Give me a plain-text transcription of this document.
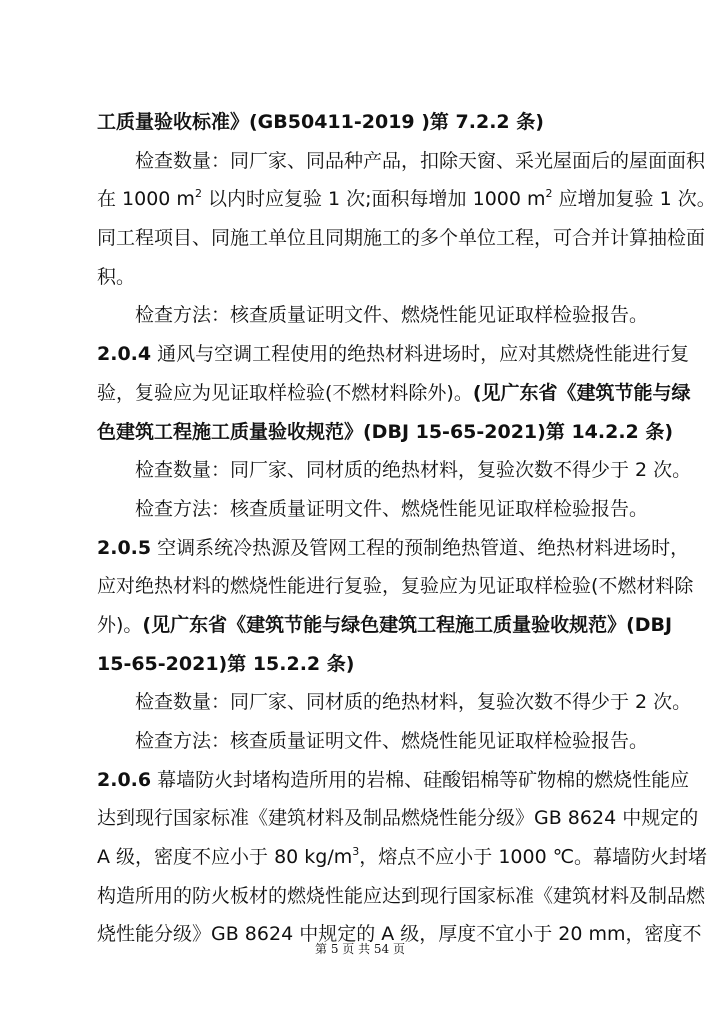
工质量验收标准》(GB50411-2019 )第 7.2.2 条)
检查数量：同厂家、同品种产品，扣除天窗、采光屋面后的屋面面积
在 1000 $m^2$ 以内时应复验 1 次;面积每增加 1000 $m^2$ 应增加复验 1 次。
同工程项目、同施工单位且同期施工的多个单位工程，可合并计算抽检面
积。
检查方法：核查质量证明文件、燃烧性能见证取样检验报告。
2.0.4 通风与空调工程使用的绝热材料进场时，应对其燃烧性能进行复
验，复验应为见证取样检验(不燃材料除外)。(见广东省《建筑节能与绿
色建筑工程施工质量验收规范》(DBJ 15-65-2021)第 14.2.2 条)
检查数量：同厂家、同材质的绝热材料，复验次数不得少于 2 次。
检查方法：核查质量证明文件、燃烧性能见证取样检验报告。
2.0.5 空调系统冷热源及管网工程的预制绝热管道、绝热材料进场时，
应对绝热材料的燃烧性能进行复验，复验应为见证取样检验(不燃材料除
外)。(见广东省《建筑节能与绿色建筑工程施工质量验收规范》(DBJ
15-65-2021)第 15.2.2 条)
检查数量：同厂家、同材质的绝热材料，复验次数不得少于 2 次。
检查方法：核查质量证明文件、燃烧性能见证取样检验报告。
2.0.6 幕墙防火封堵构造所用的岩棉、硅酸铝棉等矿物棉的燃烧性能应
达到现行国家标准《建筑材料及制品燃烧性能分级》GB 8624 中规定的
A 级，密度不应小于 80 $kg/m^3$，熔点不应小于 1000 ℃。幕墙防火封堵
构造所用的防火板材的燃烧性能应达到现行国家标准《建筑材料及制品燃
烧性能分级》GB 8624 中规定的 A 级，厚度不宜小于 20 mm，密度不
第 5 页 共 54 页
